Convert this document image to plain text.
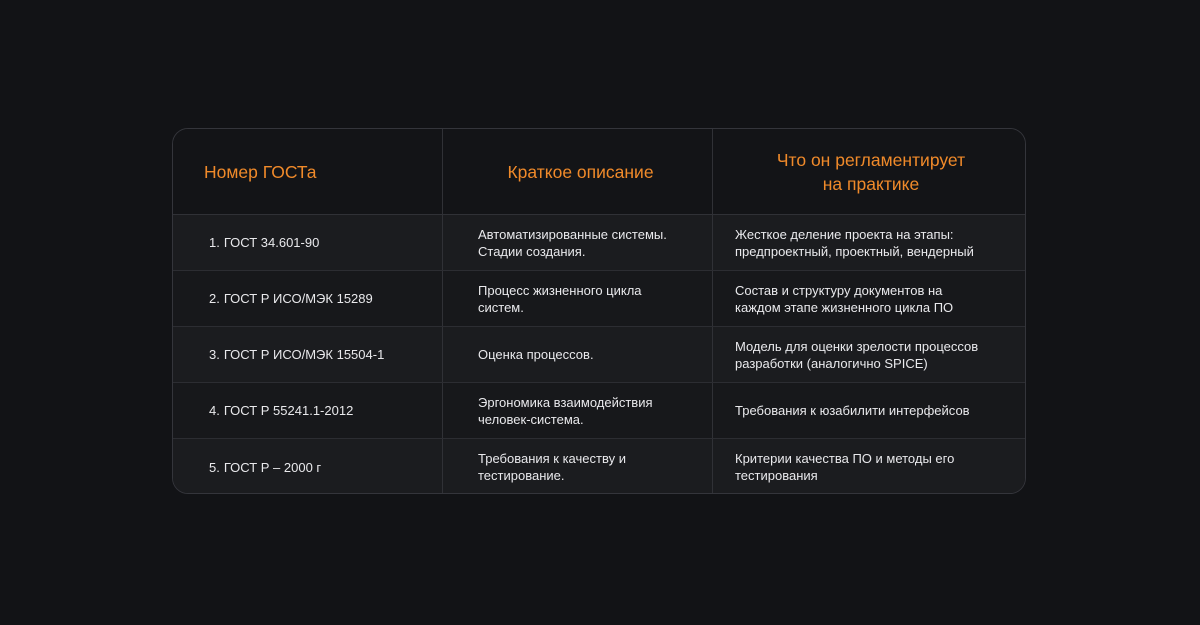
Номер ГОСТа	Краткое описание
Что он регламентирует
на практике
1. ГОСТ 34.601-90
Автоматизированные системы.
Стадии создания.
Жесткое деление проекта на этапы:
предпроектный, проектный, вендерный
2. ГОСТ Р ИСО/МЭК 15289
Процесс жизненного цикла
систем.
Состав и структуру документов на
каждом этапе жизненного цикла ПО
3. ГОСТ Р ИСО/МЭК 15504-1	Оценка процессов.
Модель для оценки зрелости процессов
разработки (аналогично SPICE)
4. ГОСТ Р 55241.1-2012
Эргономика взаимодействия
человек-система.
Требования к юзабилити интерфейсов
5. ГОСТ Р – 2000 г
Требования к качеству и
тестирование.
Критерии качества ПО и методы его
тестирования
